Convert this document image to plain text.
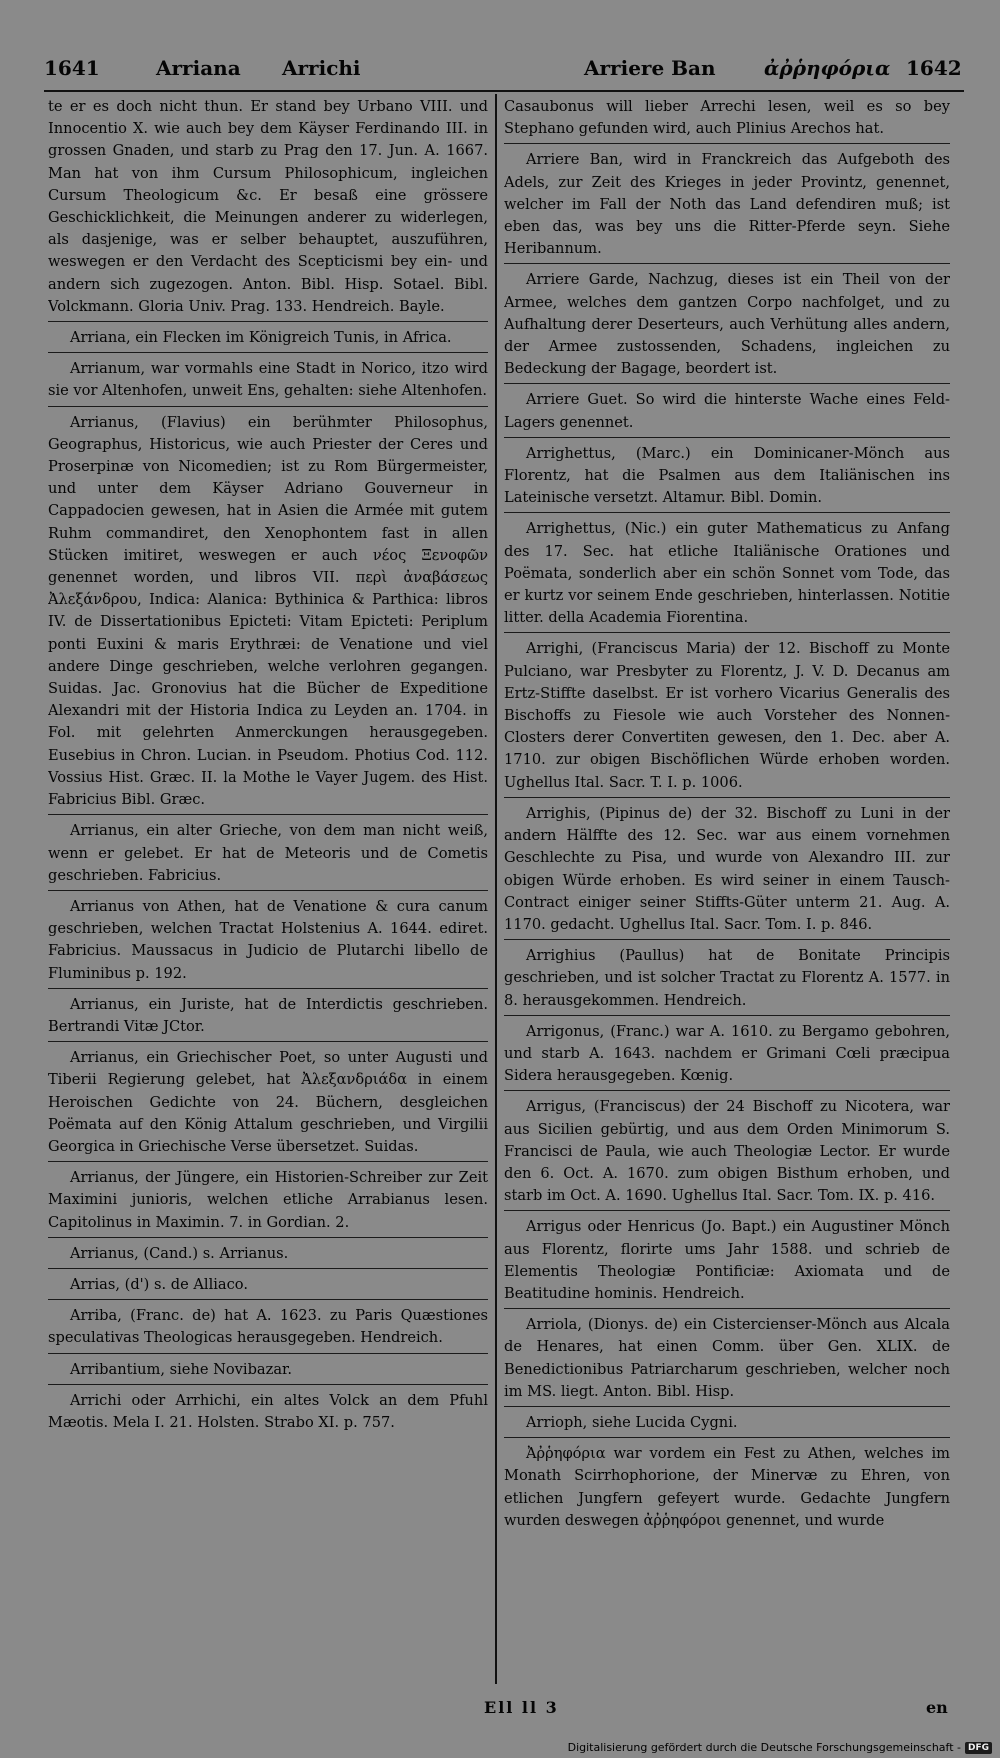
1641	Arriana Arrichi	Arriere Ban ἀῤῥηφόρια 1642

te er es doch nicht thun. Er stand bey Urbano VIII. und Innocentio X. wie auch bey dem Käyser Ferdinando III. in grossen Gnaden, und starb zu Prag den 17. Jun. A. 1667. Man hat von ihm Cursum Philosophicum, ingleichen Cursum Theologicum &c. Er besaß eine grössere Geschicklichkeit, die Meinungen anderer zu widerlegen, als dasjenige, was er selber behauptet, auszuführen, weswegen er den Verdacht des Scepticismi bey ein- und andern sich zugezogen. Anton. Bibl. Hisp. Sotael. Bibl. Volckmann. Gloria Univ. Prag. 133. Hendreich. Bayle.

Arriana, ein Flecken im Königreich Tunis, in Africa.

Arrianum, war vormahls eine Stadt in Norico, itzo wird sie vor Altenhofen, unweit Ens, gehalten: siehe Altenhofen.

Arrianus, (Flavius) ein berühmter Philosophus, Geographus, Historicus, wie auch Priester der Ceres und Proserpinæ von Nicomedien; ist zu Rom Bürgermeister, und unter dem Käyser Adriano Gouverneur in Cappadocien gewesen, hat in Asien die Armée mit gutem Ruhm commandiret, den Xenophontem fast in allen Stücken imitiret, weswegen er auch νέος Ξενοφῶν genennet worden, und libros VII. περὶ ἀναβάσεως Ἀλεξάνδρου, Indica: Alanica: Bythinica & Parthica: libros IV. de Dissertationibus Epicteti: Vitam Epicteti: Periplum ponti Euxini & maris Erythræi: de Venatione und viel andere Dinge geschrieben, welche verlohren gegangen. Suidas. Jac. Gronovius hat die Bücher de Expeditione Alexandri mit der Historia Indica zu Leyden an. 1704. in Fol. mit gelehrten Anmerckungen herausgegeben. Eusebius in Chron. Lucian. in Pseudom. Photius Cod. 112. Vossius Hist. Græc. II. la Mothe le Vayer Jugem. des Hist. Fabricius Bibl. Græc.

Arrianus, ein alter Grieche, von dem man nicht weiß, wenn er gelebet. Er hat de Meteoris und de Cometis geschrieben. Fabricius.

Arrianus von Athen, hat de Venatione & cura canum geschrieben, welchen Tractat Holstenius A. 1644. ediret. Fabricius. Maussacus in Judicio de Plutarchi libello de Fluminibus p. 192.

Arrianus, ein Juriste, hat de Interdictis geschrieben. Bertrandi Vitæ JCtor.

Arrianus, ein Griechischer Poet, so unter Augusti und Tiberii Regierung gelebet, hat Ἀλεξανδριάδα in einem Heroischen Gedichte von 24. Büchern, desgleichen Poëmata auf den König Attalum geschrieben, und Virgilii Georgica in Griechische Verse übersetzet. Suidas.

Arrianus, der Jüngere, ein Historien-Schreiber zur Zeit Maximini junioris, welchen etliche Arrabianus lesen. Capitolinus in Maximin. 7. in Gordian. 2.

Arrianus, (Cand.) s. Arrianus.

Arrias, (d') s. de Alliaco.

Arriba, (Franc. de) hat A. 1623. zu Paris Quæstiones speculativas Theologicas herausgegeben. Hendreich.

Arribantium, siehe Novibazar.

Arrichi oder Arrhichi, ein altes Volck an dem Pfuhl Mæotis. Mela I. 21. Holsten. Strabo XI. p. 757.

Casaubonus will lieber Arrechi lesen, weil es so bey Stephano gefunden wird, auch Plinius Arechos hat.

Arriere Ban, wird in Franckreich das Aufgeboth des Adels, zur Zeit des Krieges in jeder Provintz, genennet, welcher im Fall der Noth das Land defendiren muß; ist eben das, was bey uns die Ritter-Pferde seyn. Siehe Heribannum.

Arriere Garde, Nachzug, dieses ist ein Theil von der Armee, welches dem gantzen Corpo nachfolget, und zu Aufhaltung derer Deserteurs, auch Verhütung alles andern, der Armee zustossenden, Schadens, ingleichen zu Bedeckung der Bagage, beordert ist.

Arriere Guet. So wird die hinterste Wache eines Feld-Lagers genennet.

Arrighettus, (Marc.) ein Dominicaner-Mönch aus Florentz, hat die Psalmen aus dem Italiänischen ins Lateinische versetzt. Altamur. Bibl. Domin.

Arrighettus, (Nic.) ein guter Mathematicus zu Anfang des 17. Sec. hat etliche Italiänische Orationes und Poëmata, sonderlich aber ein schön Sonnet vom Tode, das er kurtz vor seinem Ende geschrieben, hinterlassen. Notitie litter. della Academia Fiorentina.

Arrighi, (Franciscus Maria) der 12. Bischoff zu Monte Pulciano, war Presbyter zu Florentz, J. V. D. Decanus am Ertz-Stiffte daselbst. Er ist vorhero Vicarius Generalis des Bischoffs zu Fiesole wie auch Vorsteher des Nonnen-Closters derer Convertiten gewesen, den 1. Dec. aber A. 1710. zur obigen Bischöflichen Würde erhoben worden. Ughellus Ital. Sacr. T. I. p. 1006.

Arrighis, (Pipinus de) der 32. Bischoff zu Luni in der andern Hälffte des 12. Sec. war aus einem vornehmen Geschlechte zu Pisa, und wurde von Alexandro III. zur obigen Würde erhoben. Es wird seiner in einem Tausch-Contract einiger seiner Stiffts-Güter unterm 21. Aug. A. 1170. gedacht. Ughellus Ital. Sacr. Tom. I. p. 846.

Arrighius (Paullus) hat de Bonitate Principis geschrieben, und ist solcher Tractat zu Florentz A. 1577. in 8. herausgekommen. Hendreich.

Arrigonus, (Franc.) war A. 1610. zu Bergamo gebohren, und starb A. 1643. nachdem er Grimani Cœli præcipua Sidera herausgegeben. Kœnig.

Arrigus, (Franciscus) der 24 Bischoff zu Nicotera, war aus Sicilien gebürtig, und aus dem Orden Minimorum S. Francisci de Paula, wie auch Theologiæ Lector. Er wurde den 6. Oct. A. 1670. zum obigen Bisthum erhoben, und starb im Oct. A. 1690. Ughellus Ital. Sacr. Tom. IX. p. 416.

Arrigus oder Henricus (Jo. Bapt.) ein Augustiner Mönch aus Florentz, florirte ums Jahr 1588. und schrieb de Elementis Theologiæ Pontificiæ: Axiomata und de Beatitudine hominis. Hendreich.

Arriola, (Dionys. de) ein Cistercienser-Mönch aus Alcala de Henares, hat einen Comm. über Gen. XLIX. de Benedictionibus Patriarcharum geschrieben, welcher noch im MS. liegt. Anton. Bibl. Hisp.

Arrioph, siehe Lucida Cygni.

Ἀῤῥηφόρια war vordem ein Fest zu Athen, welches im Monath Scirrhophorione, der Minervæ zu Ehren, von etlichen Jungfern gefeyert wurde. Gedachte Jungfern wurden deswegen ἀῤῥηφόροι genennet, und wurde

Ell ll 3	en
Digitalisierung gefördert durch die Deutsche Forschungsgemeinschaft - DFG
